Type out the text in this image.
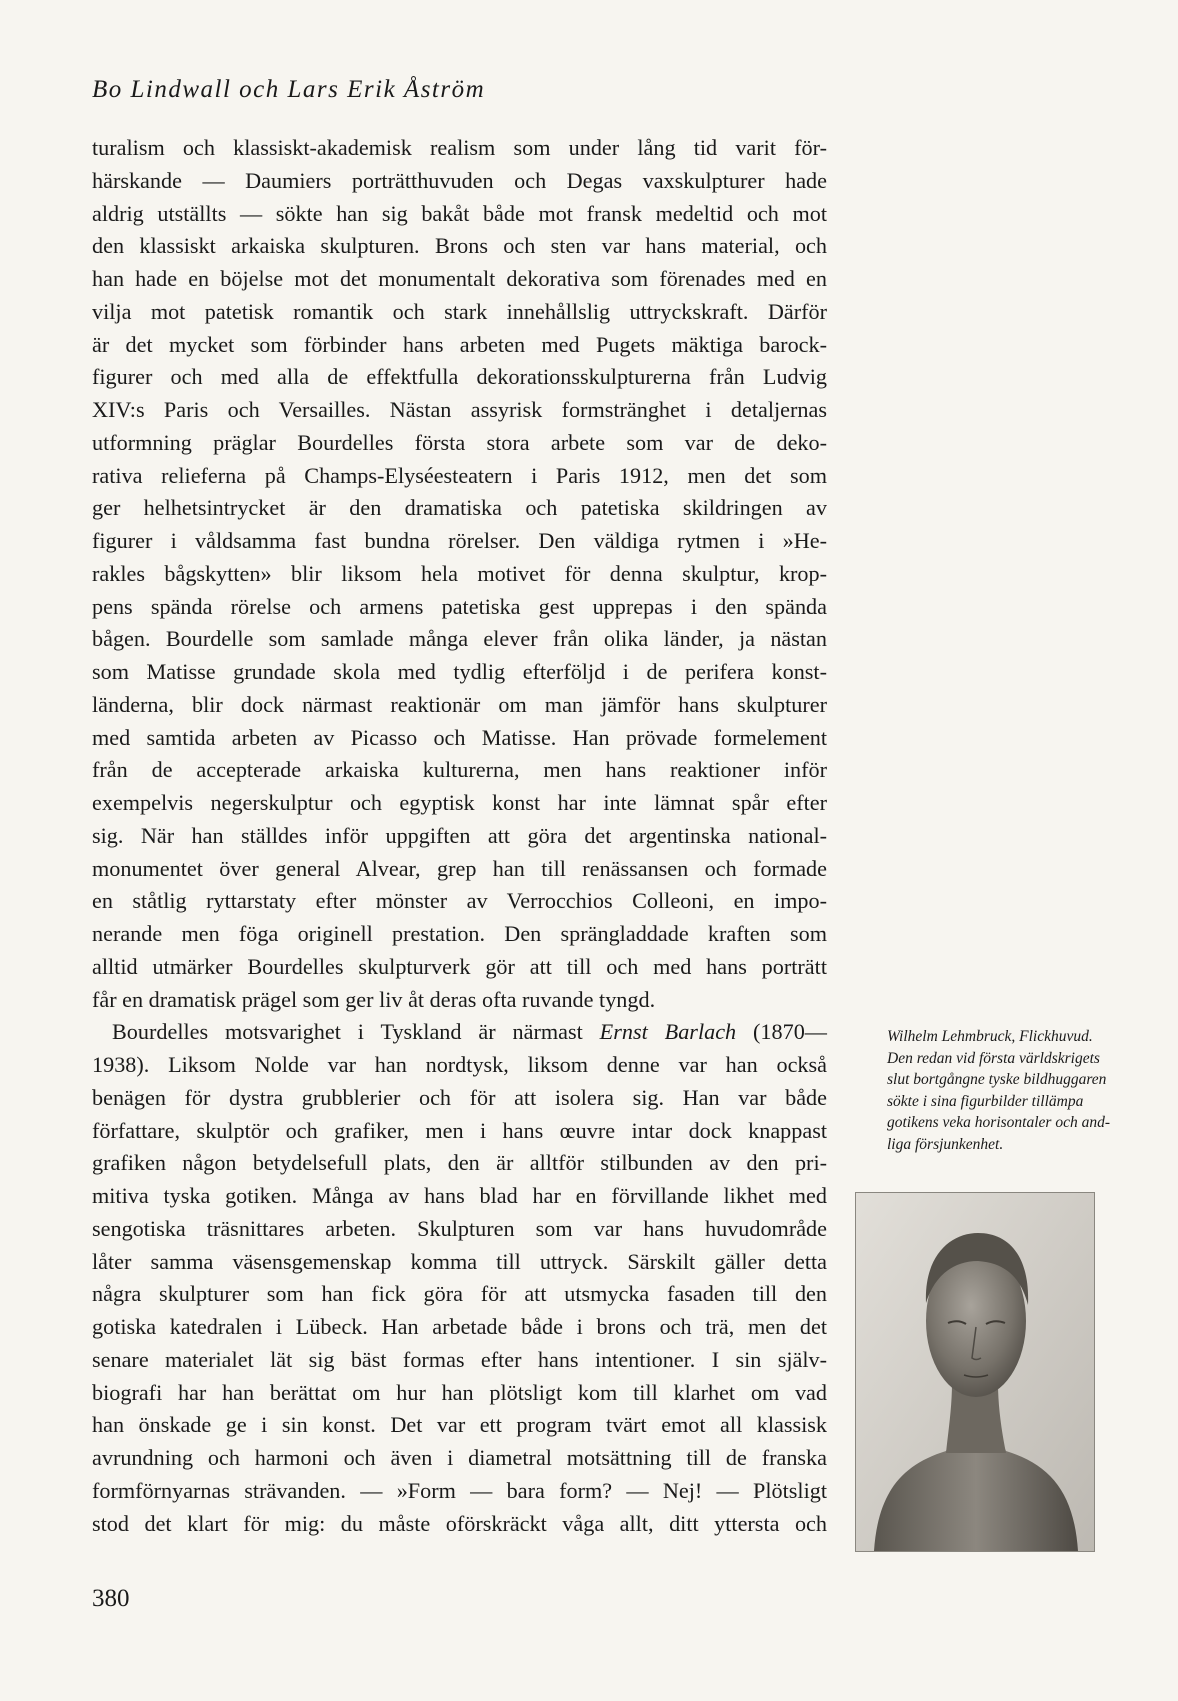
Bo Lindwall och Lars Erik Åström
turalism och klassiskt-akademisk realism som under lång tid varit för-
härskande — Daumiers porträtthuvuden och Degas vaxskulpturer hade
aldrig utställts — sökte han sig bakåt både mot fransk medeltid och mot
den klassiskt arkaiska skulpturen. Brons och sten var hans material, och
han hade en böjelse mot det monumentalt dekorativa som förenades med en
vilja mot patetisk romantik och stark innehållslig uttryckskraft. Därför
är det mycket som förbinder hans arbeten med Pugets mäktiga barock-
figurer och med alla de effektfulla dekorationsskulpturerna från Ludvig
XIV:s Paris och Versailles. Nästan assyrisk formstränghet i detaljernas
utformning präglar Bourdelles första stora arbete som var de deko-
rativa relieferna på Champs-Elyséesteatern i Paris 1912, men det som
ger helhetsintrycket är den dramatiska och patetiska skildringen av
figurer i våldsamma fast bundna rörelser. Den väldiga rytmen i »He-
rakles bågskytten» blir liksom hela motivet för denna skulptur, krop-
pens spända rörelse och armens patetiska gest upprepas i den spända
bågen. Bourdelle som samlade många elever från olika länder, ja nästan
som Matisse grundade skola med tydlig efterföljd i de perifera konst-
länderna, blir dock närmast reaktionär om man jämför hans skulpturer
med samtida arbeten av Picasso och Matisse. Han prövade formelement
från de accepterade arkaiska kulturerna, men hans reaktioner inför
exempelvis negerskulptur och egyptisk konst har inte lämnat spår efter
sig. När han ställdes inför uppgiften att göra det argentinska national-
monumentet över general Alvear, grep han till renässansen och formade
en ståtlig ryttarstaty efter mönster av Verrocchios Colleoni, en impo-
nerande men föga originell prestation. Den sprängladdade kraften som
alltid utmärker Bourdelles skulpturverk gör att till och med hans porträtt
får en dramatisk prägel som ger liv åt deras ofta ruvande tyngd.
Bourdelles motsvarighet i Tyskland är närmast Ernst Barlach (1870—
1938). Liksom Nolde var han nordtysk, liksom denne var han också
benägen för dystra grubblerier och för att isolera sig. Han var både
författare, skulptör och grafiker, men i hans œuvre intar dock knappast
grafiken någon betydelsefull plats, den är alltför stilbunden av den pri-
mitiva tyska gotiken. Många av hans blad har en förvillande likhet med
sengotiska träsnittares arbeten. Skulpturen som var hans huvudområde
låter samma väsensgemenskap komma till uttryck. Särskilt gäller detta
några skulpturer som han fick göra för att utsmycka fasaden till den
gotiska katedralen i Lübeck. Han arbetade både i brons och trä, men det
senare materialet lät sig bäst formas efter hans intentioner. I sin själv-
biografi har han berättat om hur han plötsligt kom till klarhet om vad
han önskade ge i sin konst. Det var ett program tvärt emot all klassisk
avrundning och harmoni och även i diametral motsättning till de franska
formförnyarnas strävanden. — »Form — bara form? — Nej! — Plötsligt
stod det klart för mig: du måste oförskräckt våga allt, ditt yttersta och
Wilhelm Lehmbruck, Flickhuvud.
Den redan vid första världskrigets
slut bortgångne tyske bildhuggaren
sökte i sina figurbilder tillämpa
gotikens veka horisontaler och and-
liga försjunkenhet.
380
